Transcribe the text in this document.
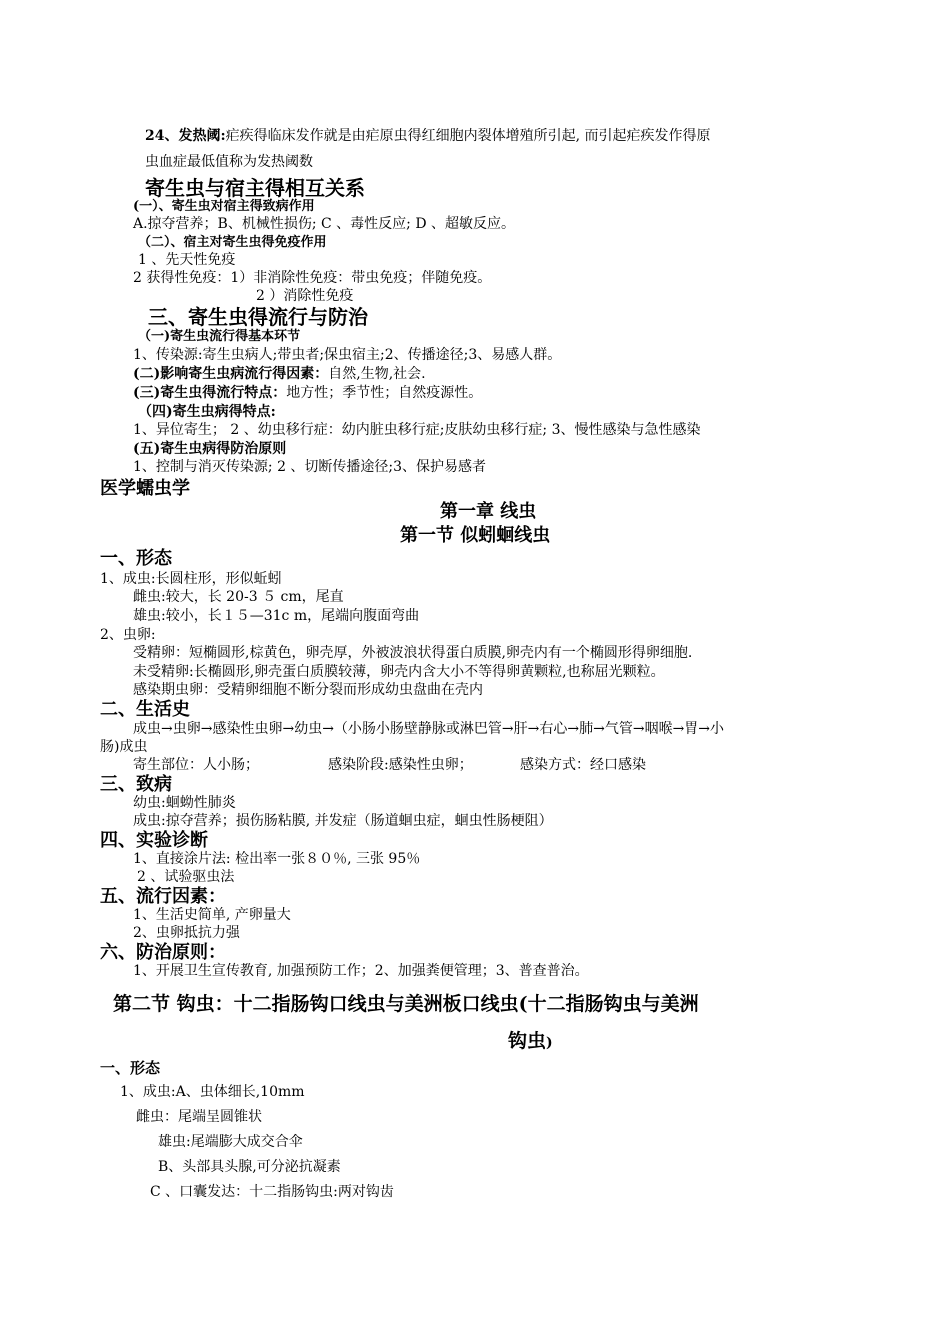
24、发热阈:疟疾得临床发作就是由疟原虫得红细胞内裂体增殖所引起, 而引起疟疾发作得原
虫血症最低值称为发热阈数
寄生虫与宿主得相互关系
(一）、寄生虫对宿主得致病作用
A.掠夺营养；B、机械性损伤; C 、毒性反应; D 、超敏反应。
（二）、宿主对寄生虫得免疫作用
1 、先天性免疫
2 获得性免疫：1）非消除性免疫：带虫免疫；伴随免疫。
2 ）消除性免疫
三、寄生虫得流行与防治
（一)寄生虫流行得基本环节
1、传染源:寄生虫病人;带虫者;保虫宿主;2、传播途径;3、易感人群。
(二)影响寄生虫病流行得因素：自然,生物,社会.
(三)寄生虫得流行特点：地方性；季节性；自然疫源性。
（四)寄生虫病得特点:
1、异位寄生； 2 、幼虫移行症：幼内脏虫移行症;皮肤幼虫移行症; 3、慢性感染与急性感染
(五)寄生虫病得防治原则
1、控制与消灭传染源; 2 、切断传播途径;3、保护易感者
医学蠕虫学
第一章 线虫
第一节 似蚓蛔线虫
一、形态
1、成虫:长圆柱形，形似蚯蚓
雌虫:较大，长 20-3 ５ cm，尾直
雄虫:较小，长１５—31c m，尾端向腹面弯曲
2、虫卵:
受精卵：短椭圆形,棕黄色，卵壳厚，外被波浪状得蛋白质膜,卵壳内有一个椭圆形得卵细胞.
未受精卵:长椭圆形,卵壳蛋白质膜较薄，卵壳内含大小不等得卵黄颗粒,也称屈光颗粒。
感染期虫卵：受精卵细胞不断分裂而形成幼虫盘曲在壳内
二、生活史
成虫→虫卵→感染性虫卵→幼虫→（小肠小肠壁静脉或淋巴管→肝→右心→肺→气管→咽喉→胃→小
肠)成虫
寄生部位：人小肠；	感染阶段:感染性虫卵；	感染方式：经口感染
三、致病
幼虫:蛔蚴性肺炎
成虫:掠夺营养；损伤肠粘膜, 并发症（肠道蛔虫症，蛔虫性肠梗阻）
四、实验诊断
1、直接涂片法: 检出率一张８０％, 三张 95％
2 、试验驱虫法
五、流行因素：
1、生活史简单, 产卵量大
2、虫卵抵抗力强
六、防治原则：
1、开展卫生宣传教育, 加强预防工作；2、加强粪便管理；3、普查普治。
第二节 钩虫：十二指肠钩口线虫与美洲板口线虫(十二指肠钩虫与美洲
钩虫)
一、形态
1、成虫:A、虫体细长,10mm
雌虫：尾端呈圆锥状
雄虫:尾端膨大成交合伞
B、头部具头腺,可分泌抗凝素
C 、口囊发达：十二指肠钩虫:两对钩齿
